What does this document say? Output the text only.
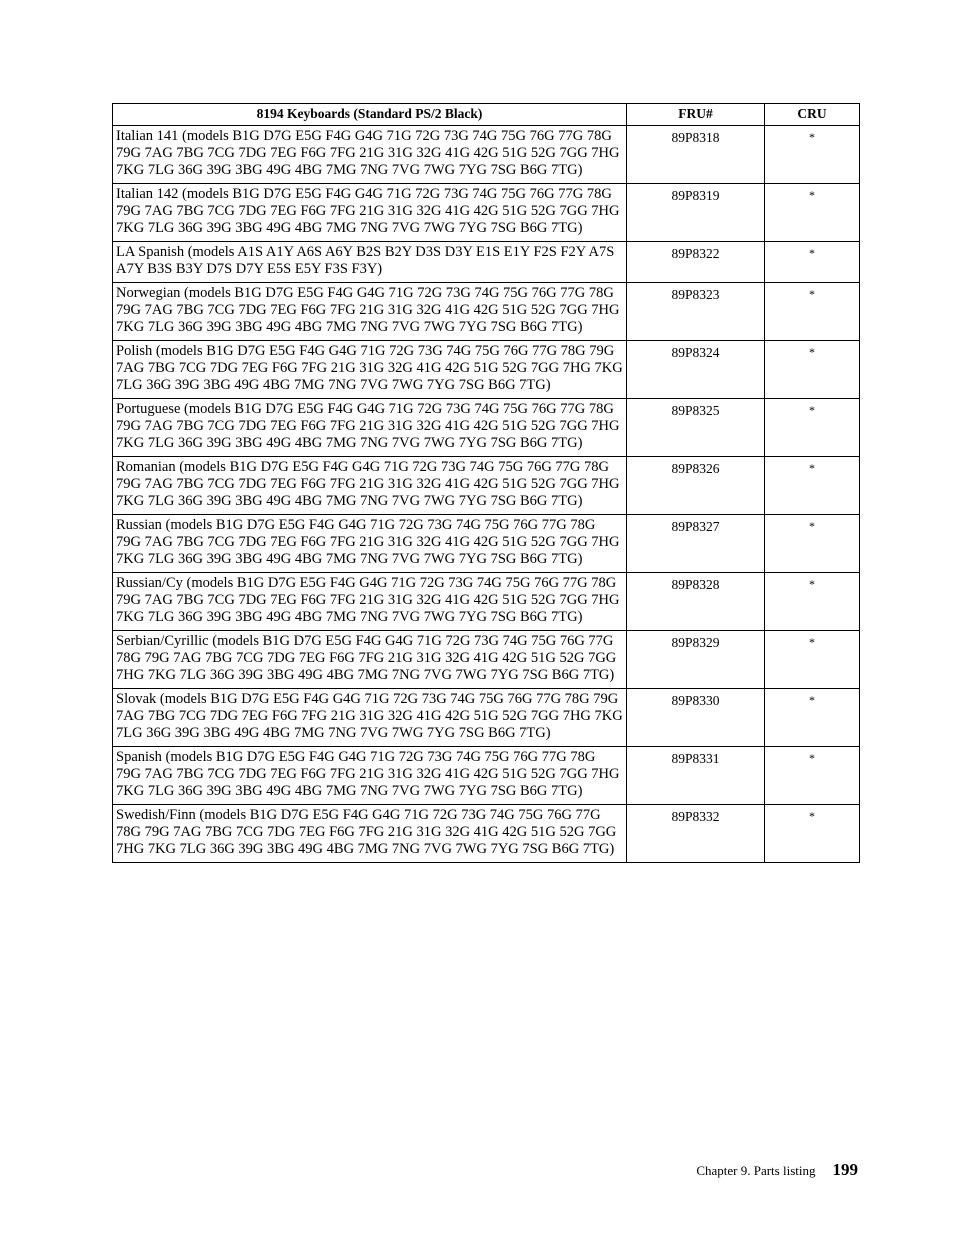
8194 Keyboards (Standard PS/2 Black)	FRU#	CRU
Italian 141 (models B1G D7G E5G F4G G4G 71G 72G 73G 74G 75G 76G 77G 78G 79G 7AG 7BG 7CG 7DG 7EG F6G 7FG 21G 31G 32G 41G 42G 51G 52G 7GG 7HG 7KG 7LG 36G 39G 3BG 49G 4BG 7MG 7NG 7VG 7WG 7YG 7SG B6G 7TG)	89P8318	*
Italian 142 (models B1G D7G E5G F4G G4G 71G 72G 73G 74G 75G 76G 77G 78G 79G 7AG 7BG 7CG 7DG 7EG F6G 7FG 21G 31G 32G 41G 42G 51G 52G 7GG 7HG 7KG 7LG 36G 39G 3BG 49G 4BG 7MG 7NG 7VG 7WG 7YG 7SG B6G 7TG)	89P8319	*
LA Spanish (models A1S A1Y A6S A6Y B2S B2Y D3S D3Y E1S E1Y F2S F2Y A7S A7Y B3S B3Y D7S D7Y E5S E5Y F3S F3Y)	89P8322	*
Norwegian (models B1G D7G E5G F4G G4G 71G 72G 73G 74G 75G 76G 77G 78G 79G 7AG 7BG 7CG 7DG 7EG F6G 7FG 21G 31G 32G 41G 42G 51G 52G 7GG 7HG 7KG 7LG 36G 39G 3BG 49G 4BG 7MG 7NG 7VG 7WG 7YG 7SG B6G 7TG)	89P8323	*
Polish (models B1G D7G E5G F4G G4G 71G 72G 73G 74G 75G 76G 77G 78G 79G 7AG 7BG 7CG 7DG 7EG F6G 7FG 21G 31G 32G 41G 42G 51G 52G 7GG 7HG 7KG 7LG 36G 39G 3BG 49G 4BG 7MG 7NG 7VG 7WG 7YG 7SG B6G 7TG)	89P8324	*
Portuguese (models B1G D7G E5G F4G G4G 71G 72G 73G 74G 75G 76G 77G 78G 79G 7AG 7BG 7CG 7DG 7EG F6G 7FG 21G 31G 32G 41G 42G 51G 52G 7GG 7HG 7KG 7LG 36G 39G 3BG 49G 4BG 7MG 7NG 7VG 7WG 7YG 7SG B6G 7TG)	89P8325	*
Romanian (models B1G D7G E5G F4G G4G 71G 72G 73G 74G 75G 76G 77G 78G 79G 7AG 7BG 7CG 7DG 7EG F6G 7FG 21G 31G 32G 41G 42G 51G 52G 7GG 7HG 7KG 7LG 36G 39G 3BG 49G 4BG 7MG 7NG 7VG 7WG 7YG 7SG B6G 7TG)	89P8326	*
Russian (models B1G D7G E5G F4G G4G 71G 72G 73G 74G 75G 76G 77G 78G 79G 7AG 7BG 7CG 7DG 7EG F6G 7FG 21G 31G 32G 41G 42G 51G 52G 7GG 7HG 7KG 7LG 36G 39G 3BG 49G 4BG 7MG 7NG 7VG 7WG 7YG 7SG B6G 7TG)	89P8327	*
Russian/Cy (models B1G D7G E5G F4G G4G 71G 72G 73G 74G 75G 76G 77G 78G 79G 7AG 7BG 7CG 7DG 7EG F6G 7FG 21G 31G 32G 41G 42G 51G 52G 7GG 7HG 7KG 7LG 36G 39G 3BG 49G 4BG 7MG 7NG 7VG 7WG 7YG 7SG B6G 7TG)	89P8328	*
Serbian/Cyrillic (models B1G D7G E5G F4G G4G 71G 72G 73G 74G 75G 76G 77G 78G 79G 7AG 7BG 7CG 7DG 7EG F6G 7FG 21G 31G 32G 41G 42G 51G 52G 7GG 7HG 7KG 7LG 36G 39G 3BG 49G 4BG 7MG 7NG 7VG 7WG 7YG 7SG B6G 7TG)	89P8329	*
Slovak (models B1G D7G E5G F4G G4G 71G 72G 73G 74G 75G 76G 77G 78G 79G 7AG 7BG 7CG 7DG 7EG F6G 7FG 21G 31G 32G 41G 42G 51G 52G 7GG 7HG 7KG 7LG 36G 39G 3BG 49G 4BG 7MG 7NG 7VG 7WG 7YG 7SG B6G 7TG)	89P8330	*
Spanish (models B1G D7G E5G F4G G4G 71G 72G 73G 74G 75G 76G 77G 78G 79G 7AG 7BG 7CG 7DG 7EG F6G 7FG 21G 31G 32G 41G 42G 51G 52G 7GG 7HG 7KG 7LG 36G 39G 3BG 49G 4BG 7MG 7NG 7VG 7WG 7YG 7SG B6G 7TG)	89P8331	*
Swedish/Finn (models B1G D7G E5G F4G G4G 71G 72G 73G 74G 75G 76G 77G 78G 79G 7AG 7BG 7CG 7DG 7EG F6G 7FG 21G 31G 32G 41G 42G 51G 52G 7GG 7HG 7KG 7LG 36G 39G 3BG 49G 4BG 7MG 7NG 7VG 7WG 7YG 7SG B6G 7TG)	89P8332	*
Chapter 9. Parts listing 199
